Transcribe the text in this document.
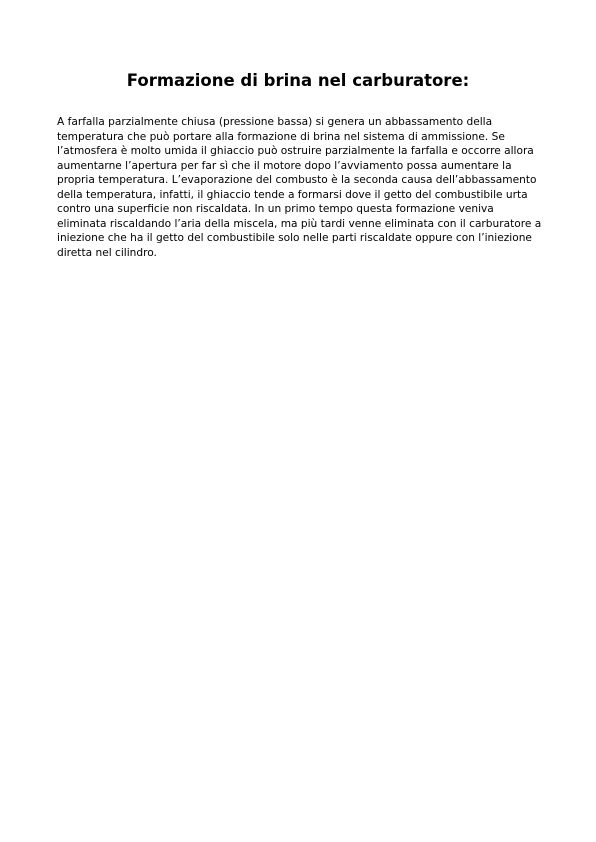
Formazione di brina nel carburatore:

A farfalla parzialmente chiusa (pressione bassa) si genera un abbassamento della
temperatura che può portare alla formazione di brina nel sistema di ammissione. Se
l’atmosfera è molto umida il ghiaccio può ostruire parzialmente la farfalla e occorre allora
aumentarne l’apertura per far sì che il motore dopo l’avviamento possa aumentare la
propria temperatura. L’evaporazione del combusto è la seconda causa dell’abbassamento
della temperatura, infatti, il ghiaccio tende a formarsi dove il getto del combustibile urta
contro una superficie non riscaldata. In un primo tempo questa formazione veniva
eliminata riscaldando l’aria della miscela, ma più tardi venne eliminata con il carburatore a
iniezione che ha il getto del combustibile solo nelle parti riscaldate oppure con l’iniezione
diretta nel cilindro.
